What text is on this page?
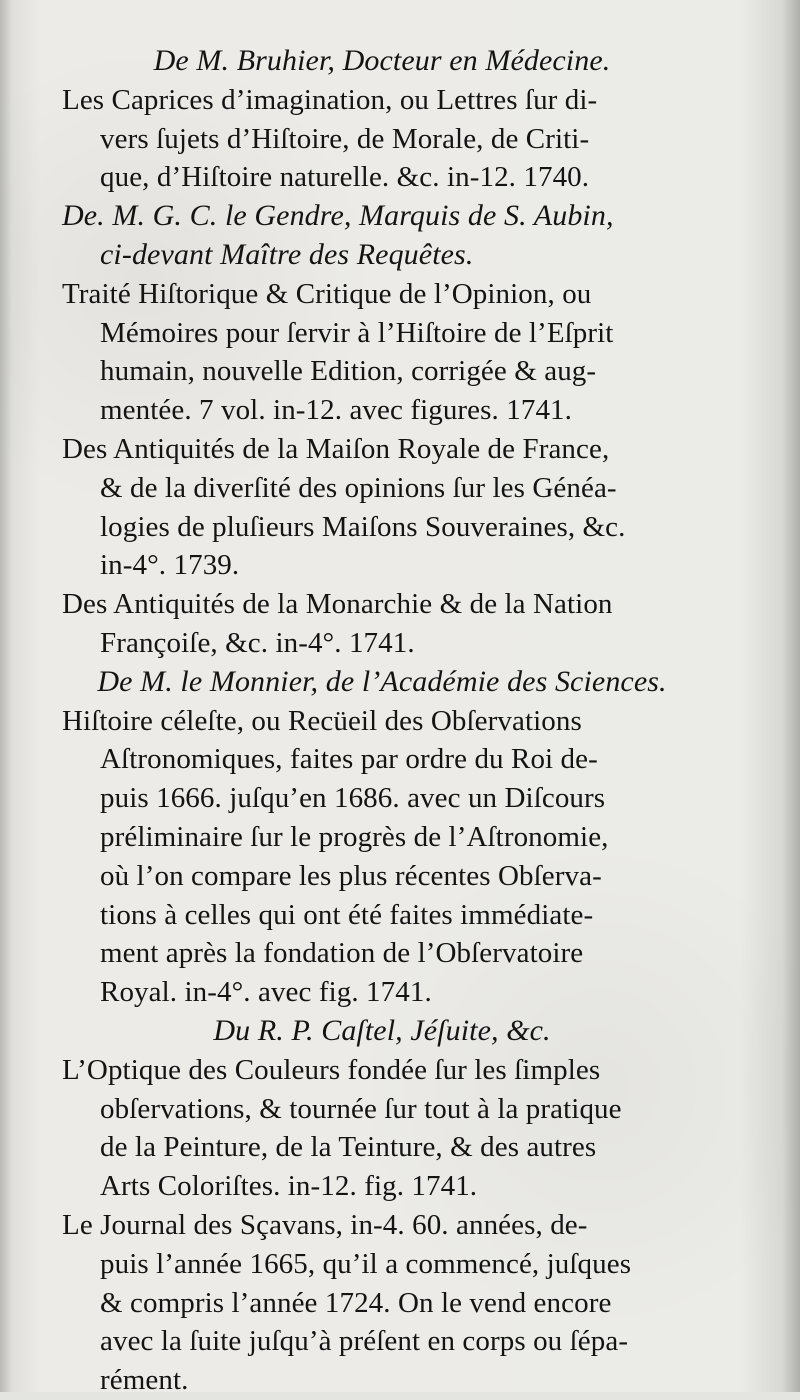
De M. Bruhier, Docteur en Médecine.
Les Caprices d’imagination, ou Lettres ſur di-
vers ſujets d’Hiſtoire, de Morale, de Criti-
que, d’Hiſtoire naturelle. &c. in-12. 1740.
De. M. G. C. le Gendre, Marquis de S. Aubin,
ci-devant Maître des Requêtes.
Traité Hiſtorique & Critique de l’Opinion, ou
Mémoires pour ſervir à l’Hiſtoire de l’Eſprit
humain, nouvelle Edition, corrigée & aug-
mentée. 7 vol. in-12. avec figures. 1741.
Des Antiquités de la Maiſon Royale de France,
& de la diverſité des opinions ſur les Généa-
logies de pluſieurs Maiſons Souveraines, &c.
in-4°. 1739.
Des Antiquités de la Monarchie & de la Nation
Françoiſe, &c. in-4°. 1741.
De M. le Monnier, de l’Académie des Sciences.
Hiſtoire céleſte, ou Recüeil des Obſervations
Aſtronomiques, faites par ordre du Roi de-
puis 1666. juſqu’en 1686. avec un Diſcours
préliminaire ſur le progrès de l’Aſtronomie,
où l’on compare les plus récentes Obſerva-
tions à celles qui ont été faites immédiate-
ment après la fondation de l’Obſervatoire
Royal. in-4°. avec fig. 1741.
Du R. P. Caſtel, Jéſuite, &c.
L’Optique des Couleurs fondée ſur les ſimples
obſervations, & tournée ſur tout à la pratique
de la Peinture, de la Teinture, & des autres
Arts Coloriſtes. in-12. fig. 1741.
Le Journal des Sçavans, in-4. 60. années, de-
puis l’année 1665, qu’il a commencé, juſques
& compris l’année 1724. On le vend encore
avec la ſuite juſqu’à préſent en corps ou ſépa-
rément.
